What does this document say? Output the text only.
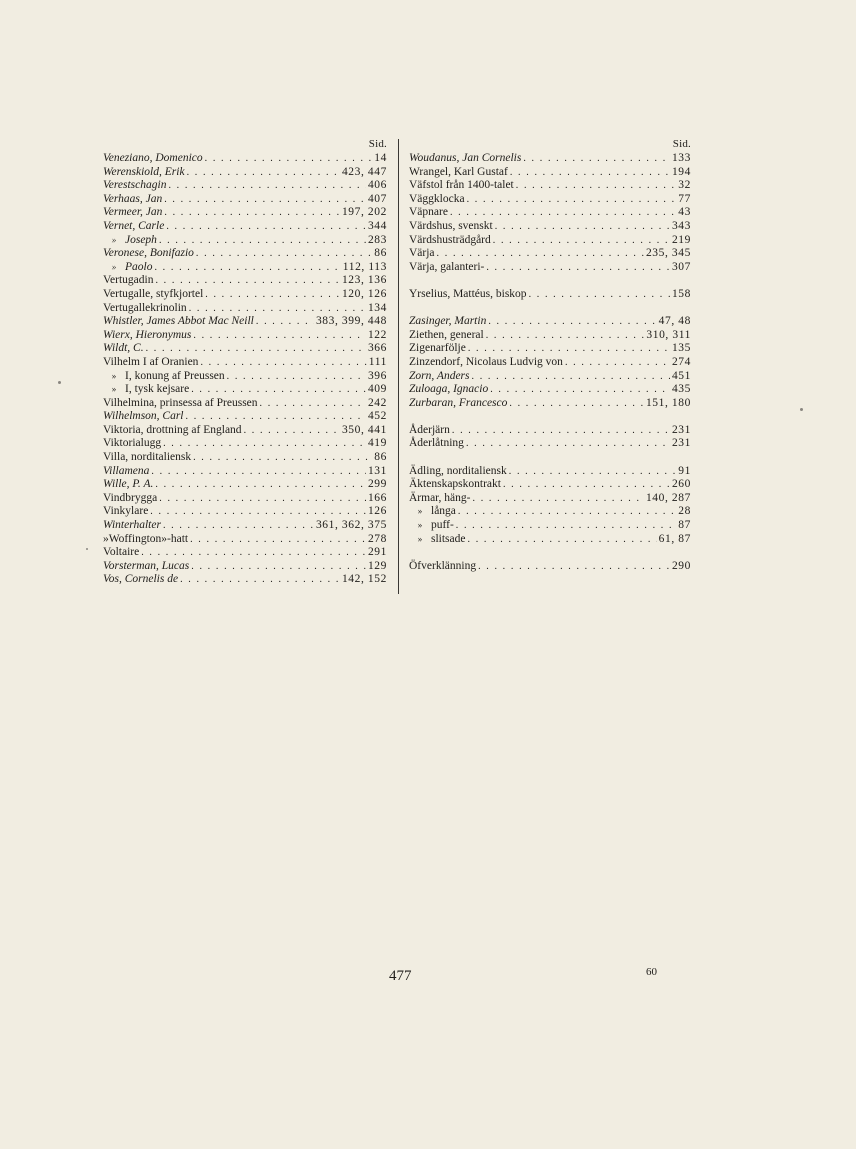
Sid.
Veneziano, Domenico . . .	14
Werenskiold, Erik . . .	423, 447
Verestschagin . . .	406
Verhaas, Jan . . .	407
Vermeer, Jan . . .	197, 202
Vernet, Carle . . .	344
» Joseph . . .	283
Veronese, Bonifazio . . .	86
» Paolo . . .	112, 113
Vertugadin . . .	123, 136
Vertugalle, styfkjortel . . .	120, 126
Vertugallekrinolin . . .	134
Whistler, James Abbot Mac Neill . . .	383, 399, 448
Wierx, Hieronymus . . .	122
Wildt, C. . . .	366
Vilhelm I af Oranien . . .	111
» I, konung af Preussen . . .	396
» I, tysk kejsare . . .	409
Vilhelmina, prinsessa af Preussen . . .	242
Wilhelmson, Carl . . .	452
Viktoria, drottning af England . . .	350, 441
Viktorialugg . . .	419
Villa, norditaliensk . . .	86
Villamena . . .	131
Wille, P. A. . . .	299
Vindbrygga . . .	166
Vinkylare . . .	126
Winterhalter . . .	361, 362, 375
»Woffington»-hatt . . .	278
Voltaire . . .	291
Vorsterman, Lucas . . .	129
Vos, Cornelis de . . .	142, 152
Sid.
Woudanus, Jan Cornelis . . .	133
Wrangel, Karl Gustaf . . .	194
Väfstol från 1400-talet . . .	32
Väggklocka . . .	77
Väpnare . . .	43
Värdshus, svenskt . . .	343
Värdshusträdgård . . .	219
Värja . . .	235, 345
Värja, galanteri- . . .	307
Yrselius, Mattéus, biskop . . .	158
Zasinger, Martin . . .	47, 48
Ziethen, general . . .	310, 311
Zigenarfölje . . .	135
Zinzendorf, Nicolaus Ludvig von . . .	274
Zorn, Anders . . .	451
Zuloaga, Ignacio . . .	435
Zurbaran, Francesco . . .	151, 180
Åderjärn . . .	231
Åderlåtning . . .	231
Ädling, norditaliensk . . .	91
Äktenskapskontrakt . . .	260
Ärmar, häng- . . .	140, 287
» långa . . .	28
» puff- . . .	87
» slitsade . . .	61, 87
Öfverklänning . . .	290
477	60
